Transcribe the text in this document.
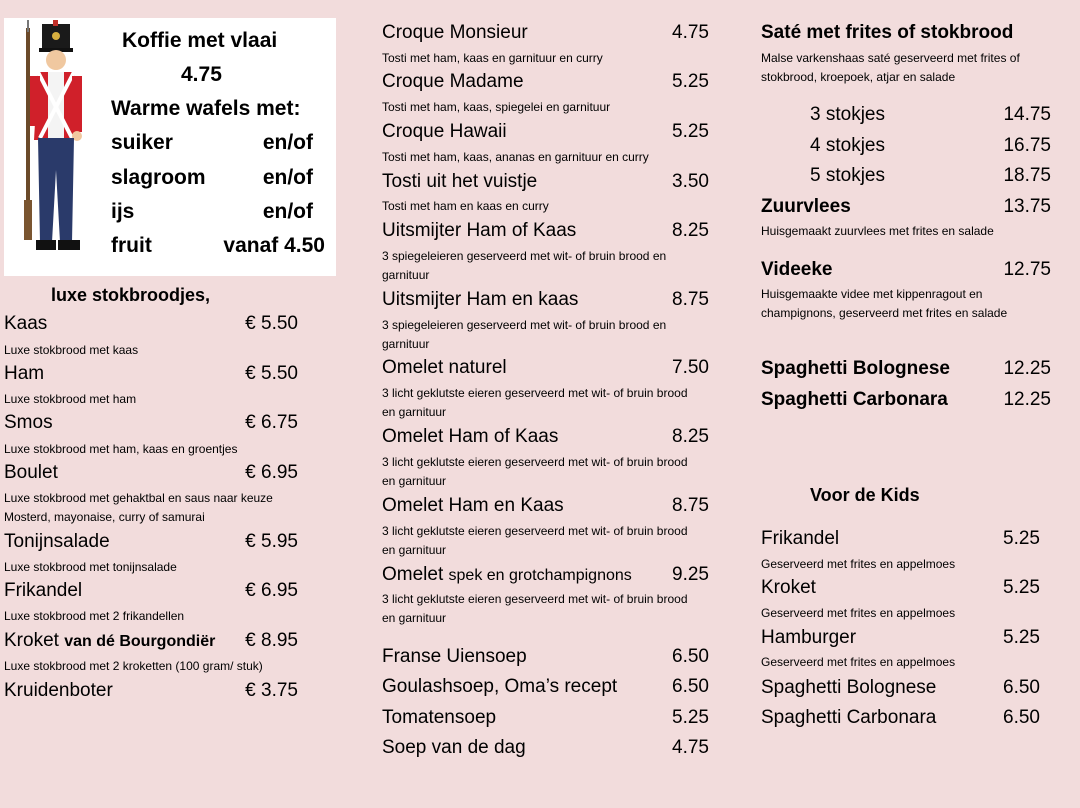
Koffie met vlaai
4.75
Warme wafels met:
suiker	en/of
slagroom	en/of
ijs	en/of
fruit	vanaf 4.50
luxe stokbroodjes,
Kaas	€ 5.50
Luxe stokbrood met kaas
Ham	€ 5.50
Luxe stokbrood met ham
Smos	€ 6.75
Luxe stokbrood met ham, kaas en groentjes
Boulet	€ 6.95
Luxe stokbrood met gehaktbal en saus naar keuze
Mosterd, mayonaise, curry of samurai
Tonijnsalade	€ 5.95
Luxe stokbrood met tonijnsalade
Frikandel	€ 6.95
Luxe stokbrood met 2 frikandellen
Kroket van dé Bourgondiër € 8.95
Luxe stokbrood met 2 kroketten (100 gram/ stuk)
Kruidenboter	€ 3.75
Croque Monsieur	4.75
Tosti met ham, kaas en garnituur en curry
Croque Madame	5.25
Tosti met ham, kaas, spiegelei en garnituur
Croque Hawaii	5.25
Tosti met ham, kaas, ananas en garnituur en curry
Tosti uit het vuistje	3.50
Tosti met ham en kaas en curry
Uitsmijter Ham of Kaas	8.25
3 spiegeleieren geserveerd met wit- of bruin brood en
garnituur
Uitsmijter Ham en kaas	8.75
3 spiegeleieren geserveerd met wit- of bruin brood en
garnituur
Omelet naturel	7.50
3 licht geklutste eieren geserveerd met wit- of bruin brood
en garnituur
Omelet Ham of Kaas	8.25
3 licht geklutste eieren geserveerd met wit- of bruin brood
en garnituur
Omelet Ham en Kaas	8.75
3 licht geklutste eieren geserveerd met wit- of bruin brood
en garnituur
Omelet spek en grotchampignons 9.25
3 licht geklutste eieren geserveerd met wit- of bruin brood
en garnituur
Franse Uiensoep	6.50
Goulashsoep, Oma’s recept	6.50
Tomatensoep	5.25
Soep van de dag	4.75
Saté met frites of stokbrood
Malse varkenshaas saté geserveerd met frites of
stokbrood, kroepoek, atjar en salade
3 stokjes	14.75
4 stokjes	16.75
5 stokjes	18.75
Zuurvlees	13.75
Huisgemaakt zuurvlees met frites en salade
Videeke	12.75
Huisgemaakte videe met kippenragout en
champignons, geserveerd met frites en salade
Spaghetti Bolognese	12.25
Spaghetti Carbonara	12.25
Voor de Kids
Frikandel	5.25
Geserveerd met frites en appelmoes
Kroket	5.25
Geserveerd met frites en appelmoes
Hamburger	5.25
Geserveerd met frites en appelmoes
Spaghetti Bolognese	6.50
Spaghetti Carbonara	6.50
